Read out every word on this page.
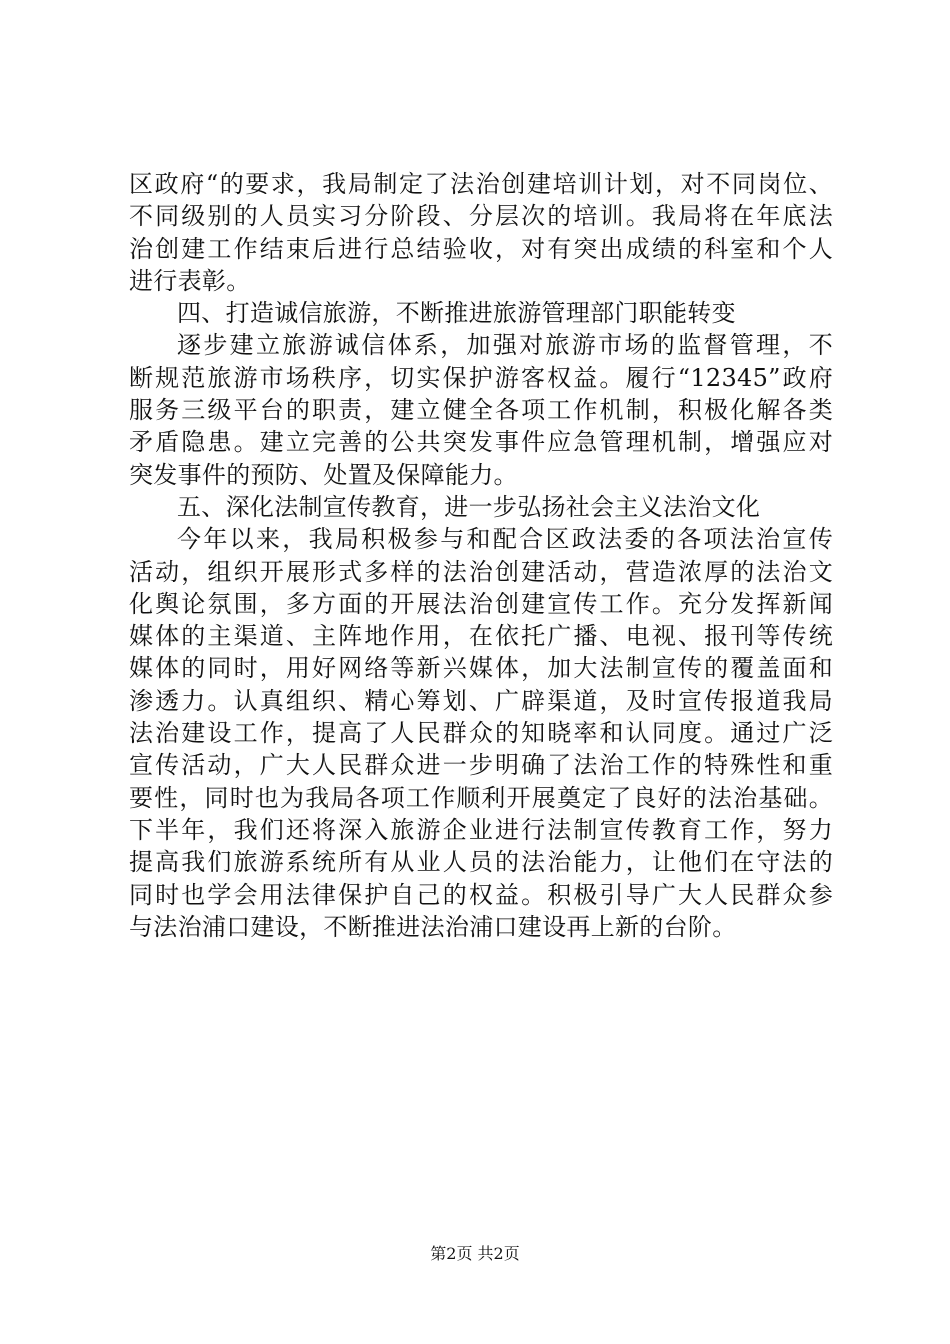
区政府“的要求，我局制定了法治创建培训计划，对不同岗位、
不同级别的人员实习分阶段、分层次的培训。我局将在年底法
治创建工作结束后进行总结验收，对有突出成绩的科室和个人
进行表彰。
四、打造诚信旅游，不断推进旅游管理部门职能转变
逐步建立旅游诚信体系，加强对旅游市场的监督管理，不
断规范旅游市场秩序，切实保护游客权益。履行“12345”政府
服务三级平台的职责，建立健全各项工作机制，积极化解各类
矛盾隐患。建立完善的公共突发事件应急管理机制，增强应对
突发事件的预防、处置及保障能力。
五、深化法制宣传教育，进一步弘扬社会主义法治文化
今年以来，我局积极参与和配合区政法委的各项法治宣传
活动，组织开展形式多样的法治创建活动，营造浓厚的法治文
化舆论氛围，多方面的开展法治创建宣传工作。充分发挥新闻
媒体的主渠道、主阵地作用，在依托广播、电视、报刊等传统
媒体的同时，用好网络等新兴媒体，加大法制宣传的覆盖面和
渗透力。认真组织、精心筹划、广辟渠道，及时宣传报道我局
法治建设工作，提高了人民群众的知晓率和认同度。通过广泛
宣传活动，广大人民群众进一步明确了法治工作的特殊性和重
要性，同时也为我局各项工作顺利开展奠定了良好的法治基础。
下半年，我们还将深入旅游企业进行法制宣传教育工作，努力
提高我们旅游系统所有从业人员的法治能力，让他们在守法的
同时也学会用法律保护自己的权益。积极引导广大人民群众参
与法治浦口建设，不断推进法治浦口建设再上新的台阶。
第2页 共2页
